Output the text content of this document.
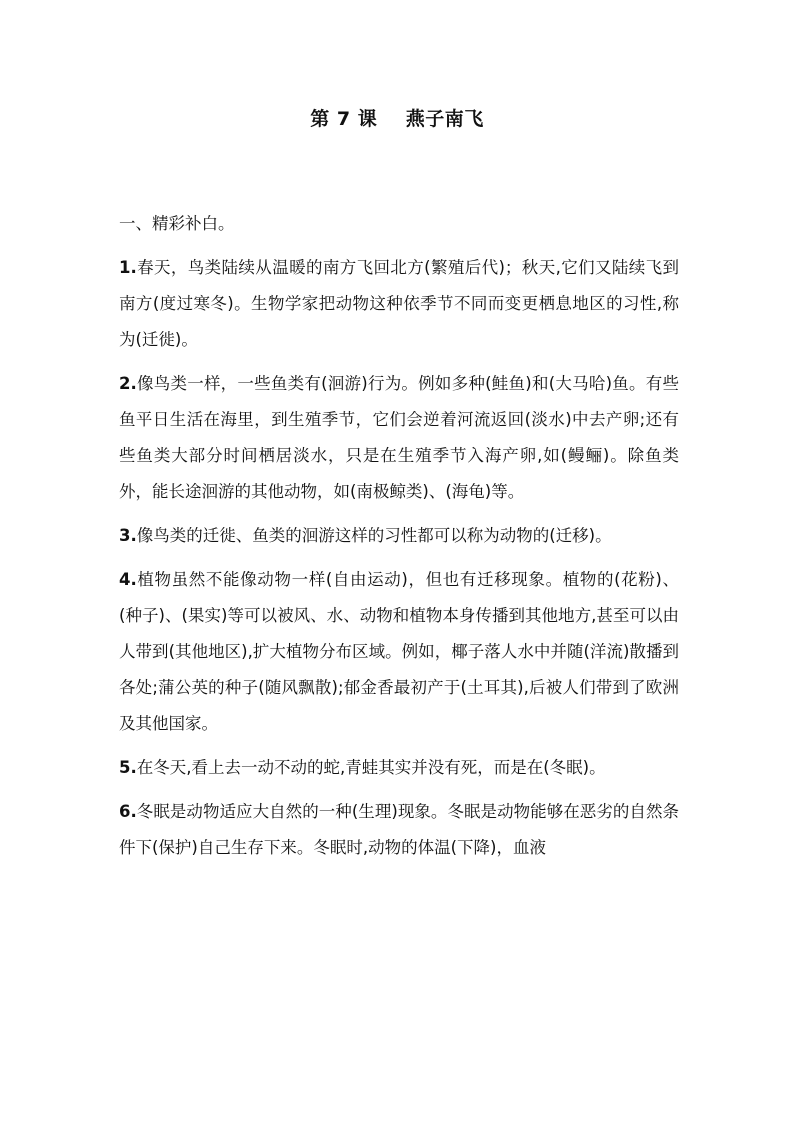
第 7 课    燕子南飞

一、精彩补白。

1.春天，鸟类陆续从温暖的南方飞回北方(繁殖后代)；秋天,它们又陆续飞到南方(度过寒冬)。生物学家把动物这种依季节不同而变更栖息地区的习性,称为(迁徙)。

2.像鸟类一样，一些鱼类有(洄游)行为。例如多种(鲑鱼)和(大马哈)鱼。有些鱼平日生活在海里，到生殖季节，它们会逆着河流返回(淡水)中去产卵;还有些鱼类大部分时间栖居淡水，只是在生殖季节入海产卵,如(鳗鲡)。除鱼类外，能长途洄游的其他动物，如(南极鲸类)、(海龟)等。

3.像鸟类的迁徙、鱼类的洄游这样的习性都可以称为动物的(迁移)。

4.植物虽然不能像动物一样(自由运动)，但也有迁移现象。植物的(花粉)、(种子)、(果实)等可以被风、水、动物和植物本身传播到其他地方,甚至可以由人带到(其他地区),扩大植物分布区域。例如，椰子落人水中并随(洋流)散播到各处;蒲公英的种子(随风飘散);郁金香最初产于(土耳其),后被人们带到了欧洲及其他国家。

5.在冬天,看上去一动不动的蛇,青蛙其实并没有死，而是在(冬眠)。

6.冬眠是动物适应大自然的一种(生理)现象。冬眠是动物能够在恶劣的自然条件下(保护)自己生存下来。冬眠时,动物的体温(下降)，血液
